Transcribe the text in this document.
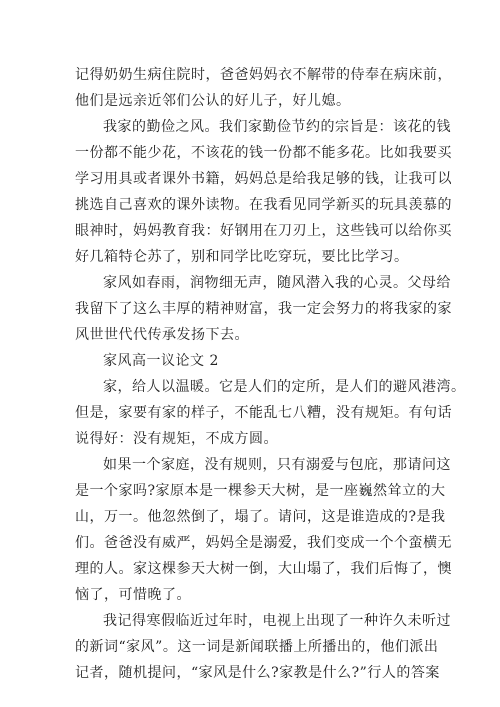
记得奶奶生病住院时，爸爸妈妈衣不解带的侍奉在病床前，
他们是远亲近邻们公认的好儿子，好儿媳。
我家的勤俭之风。我们家勤俭节约的宗旨是：该花的钱
一份都不能少花，不该花的钱一份都不能多花。比如我要买
学习用具或者课外书籍，妈妈总是给我足够的钱，让我可以
挑选自己喜欢的课外读物。在我看见同学新买的玩具羡慕的
眼神时，妈妈教育我：好钢用在刀刃上，这些钱可以给你买
好几箱特仑苏了，别和同学比吃穿玩，要比比学习。
家风如春雨，润物细无声，随风潜入我的心灵。父母给
我留下了这么丰厚的精神财富，我一定会努力的将我家的家
风世世代代传承发扬下去。
家风高一议论文 2
家，给人以温暖。它是人们的定所，是人们的避风港湾。
但是，家要有家的样子，不能乱七八糟，没有规矩。有句话
说得好：没有规矩，不成方圆。
如果一个家庭，没有规则，只有溺爱与包庇，那请问这
是一个家吗?家原本是一棵参天大树，是一座巍然耸立的大
山，万一。他忽然倒了，塌了。请问，这是谁造成的?是我
们。爸爸没有威严，妈妈全是溺爱，我们变成一个个蛮横无
理的人。家这棵参天大树一倒，大山塌了，我们后悔了，懊
恼了，可惜晚了。
我记得寒假临近过年时，电视上出现了一种许久未听过
的新词“家风”。这一词是新闻联播上所播出的，他们派出
记者，随机提问，“家风是什么?家教是什么?”行人的答案
